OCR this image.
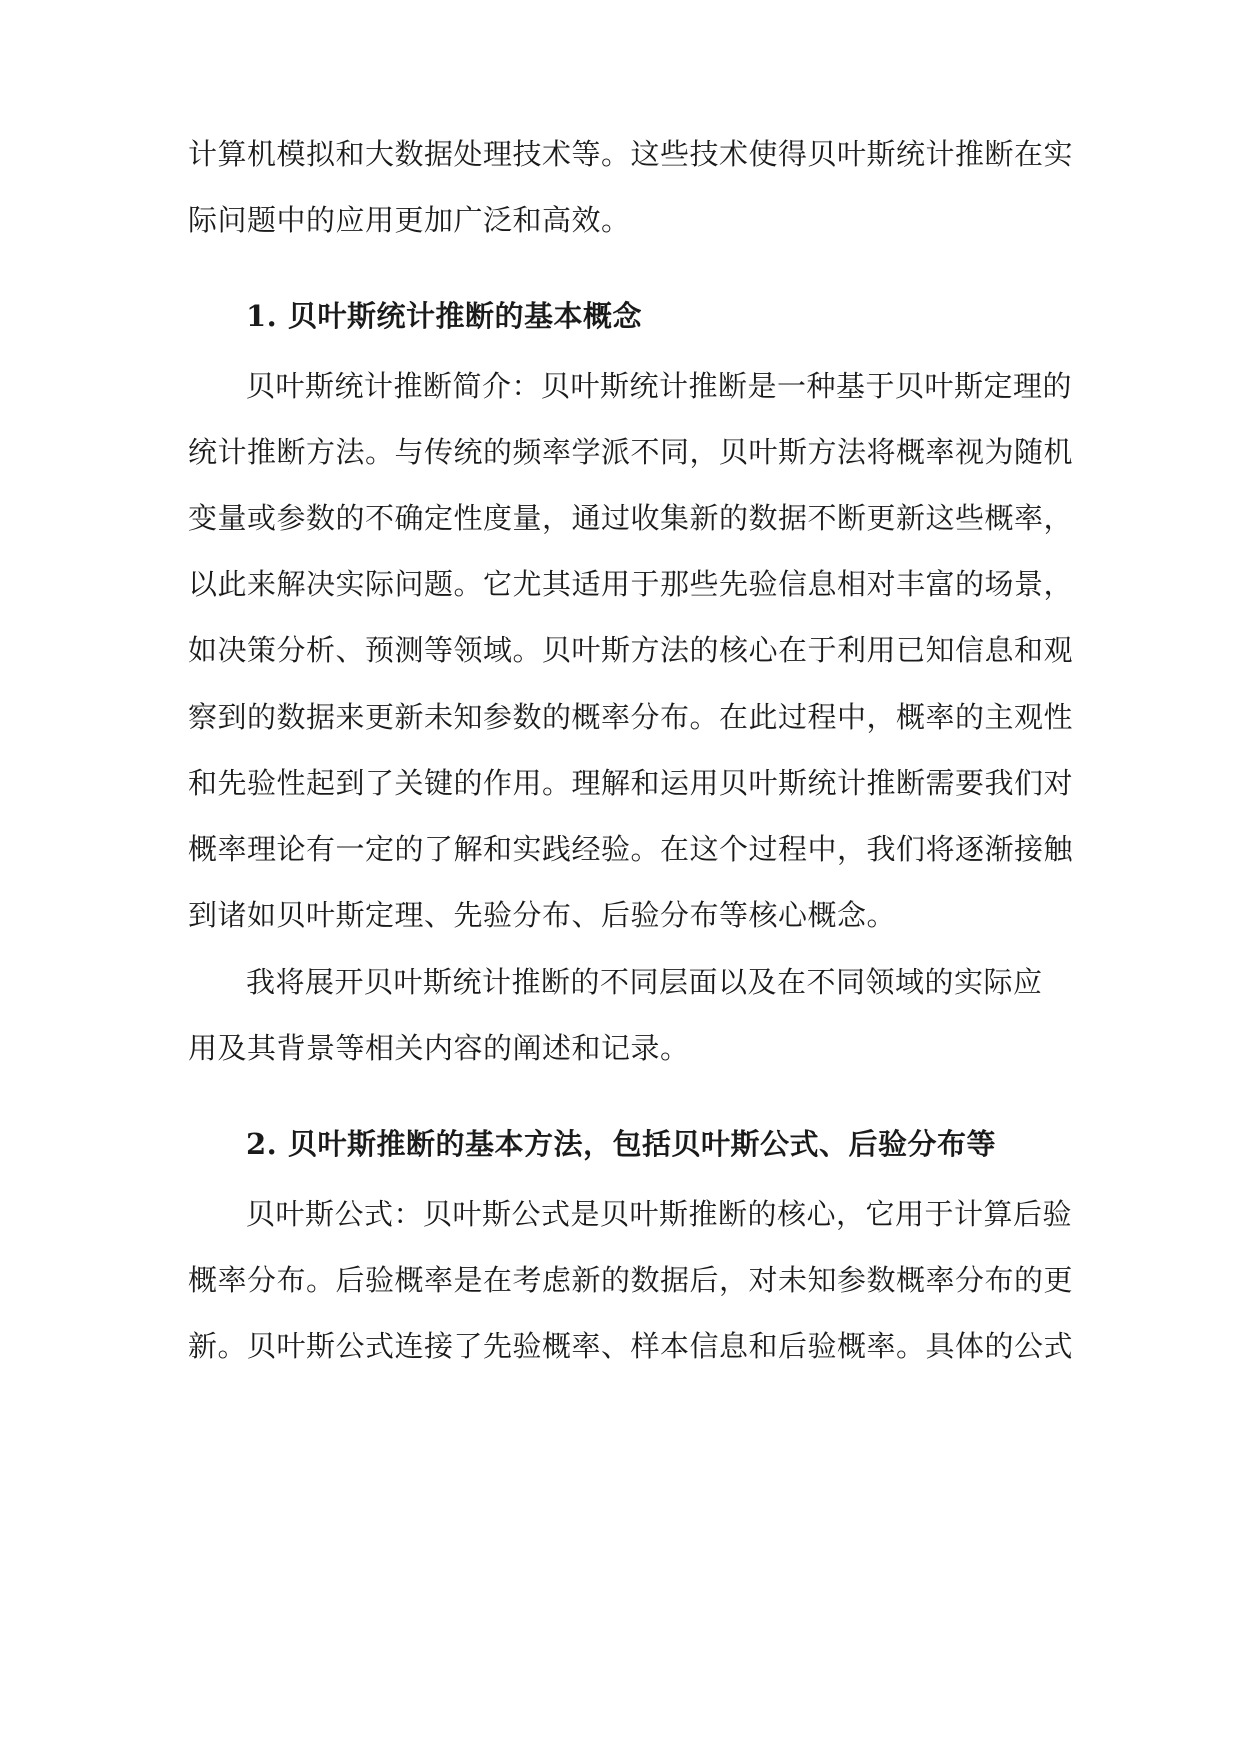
计算机模拟和大数据处理技术等。这些技术使得贝叶斯统计推断在实
际问题中的应用更加广泛和高效。
1. 贝叶斯统计推断的基本概念
贝叶斯统计推断简介：贝叶斯统计推断是一种基于贝叶斯定理的
统计推断方法。与传统的频率学派不同，贝叶斯方法将概率视为随机
变量或参数的不确定性度量，通过收集新的数据不断更新这些概率，
以此来解决实际问题。它尤其适用于那些先验信息相对丰富的场景，
如决策分析、预测等领域。贝叶斯方法的核心在于利用已知信息和观
察到的数据来更新未知参数的概率分布。在此过程中，概率的主观性
和先验性起到了关键的作用。理解和运用贝叶斯统计推断需要我们对
概率理论有一定的了解和实践经验。在这个过程中，我们将逐渐接触
到诸如贝叶斯定理、先验分布、后验分布等核心概念。
我将展开贝叶斯统计推断的不同层面以及在不同领域的实际应
用及其背景等相关内容的阐述和记录。
2. 贝叶斯推断的基本方法，包括贝叶斯公式、后验分布等
贝叶斯公式：贝叶斯公式是贝叶斯推断的核心，它用于计算后验
概率分布。后验概率是在考虑新的数据后，对未知参数概率分布的更
新。贝叶斯公式连接了先验概率、样本信息和后验概率。具体的公式
